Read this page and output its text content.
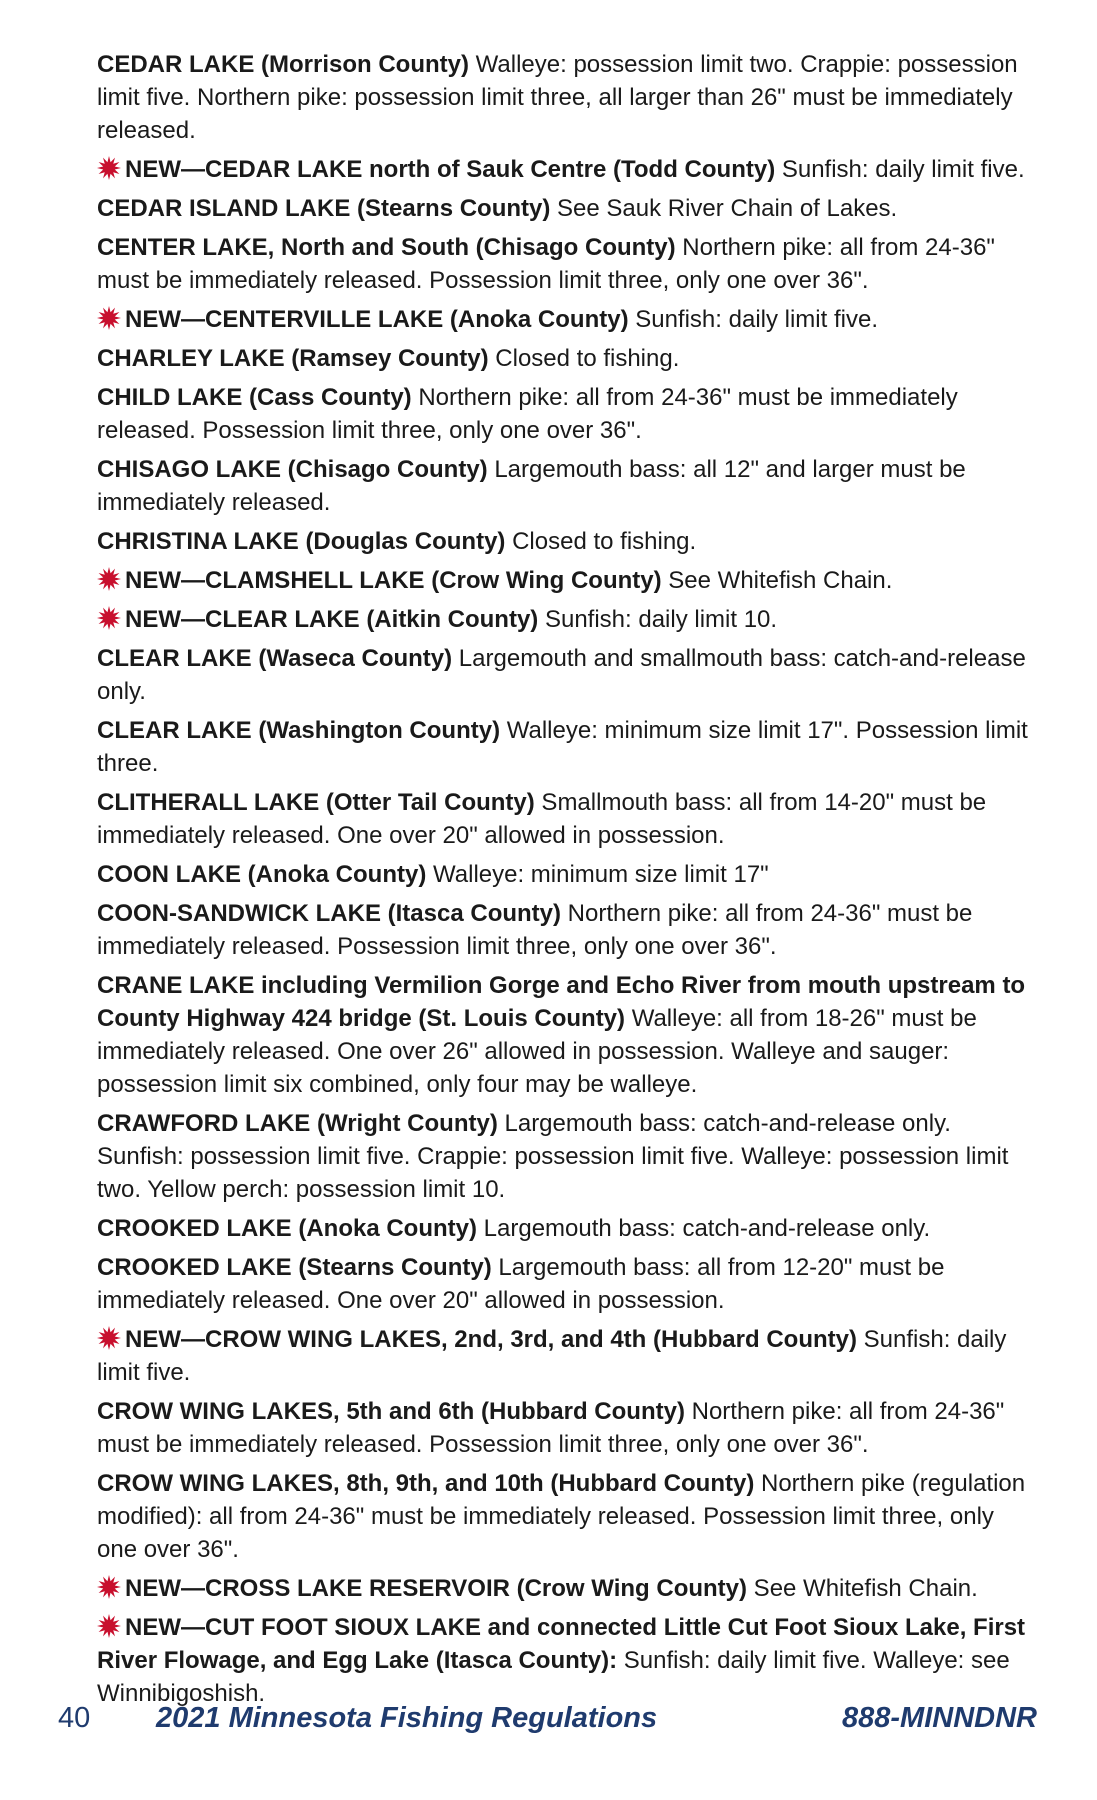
CEDAR LAKE (Morrison County) Walleye: possession limit two. Crappie: possession limit five. Northern pike: possession limit three, all larger than 26" must be immediately released.

NEW—CEDAR LAKE north of Sauk Centre (Todd County) Sunfish: daily limit five.

CEDAR ISLAND LAKE (Stearns County) See Sauk River Chain of Lakes.

CENTER LAKE, North and South (Chisago County) Northern pike: all from 24-36" must be immediately released. Possession limit three, only one over 36".

NEW—CENTERVILLE LAKE (Anoka County) Sunfish: daily limit five.

CHARLEY LAKE (Ramsey County) Closed to fishing.

CHILD LAKE (Cass County) Northern pike: all from 24-36" must be immediately released. Possession limit three, only one over 36".

CHISAGO LAKE (Chisago County) Largemouth bass: all 12" and larger must be immediately released.

CHRISTINA LAKE (Douglas County) Closed to fishing.

NEW—CLAMSHELL LAKE (Crow Wing County) See Whitefish Chain.

NEW—CLEAR LAKE (Aitkin County) Sunfish: daily limit 10.

CLEAR LAKE (Waseca County) Largemouth and smallmouth bass: catch-and-release only.

CLEAR LAKE (Washington County) Walleye: minimum size limit 17". Possession limit three.

CLITHERALL LAKE (Otter Tail County) Smallmouth bass: all from 14-20" must be immediately released. One over 20" allowed in possession.

COON LAKE (Anoka County) Walleye: minimum size limit 17"

COON-SANDWICK LAKE (Itasca County) Northern pike: all from 24-36" must be immediately released. Possession limit three, only one over 36".

CRANE LAKE including Vermilion Gorge and Echo River from mouth upstream to County Highway 424 bridge (St. Louis County) Walleye: all from 18-26" must be immediately released. One over 26" allowed in possession. Walleye and sauger: possession limit six combined, only four may be walleye.

CRAWFORD LAKE (Wright County) Largemouth bass: catch-and-release only. Sunfish: possession limit five. Crappie: possession limit five. Walleye: possession limit two. Yellow perch: possession limit 10.

CROOKED LAKE (Anoka County) Largemouth bass: catch-and-release only.

CROOKED LAKE (Stearns County) Largemouth bass: all from 12-20" must be immediately released. One over 20" allowed in possession.

NEW—CROW WING LAKES, 2nd, 3rd, and 4th (Hubbard County) Sunfish: daily limit five.

CROW WING LAKES, 5th and 6th (Hubbard County) Northern pike: all from 24-36" must be immediately released. Possession limit three, only one over 36".

CROW WING LAKES, 8th, 9th, and 10th (Hubbard County) Northern pike (regulation modified): all from 24-36" must be immediately released. Possession limit three, only one over 36".

NEW—CROSS LAKE RESERVOIR (Crow Wing County) See Whitefish Chain.

NEW—CUT FOOT SIOUX LAKE and connected Little Cut Foot Sioux Lake, First River Flowage, and Egg Lake (Itasca County): Sunfish: daily limit five. Walleye: see Winnibigoshish.

40 2021 Minnesota Fishing Regulations	888-MINNDNR
